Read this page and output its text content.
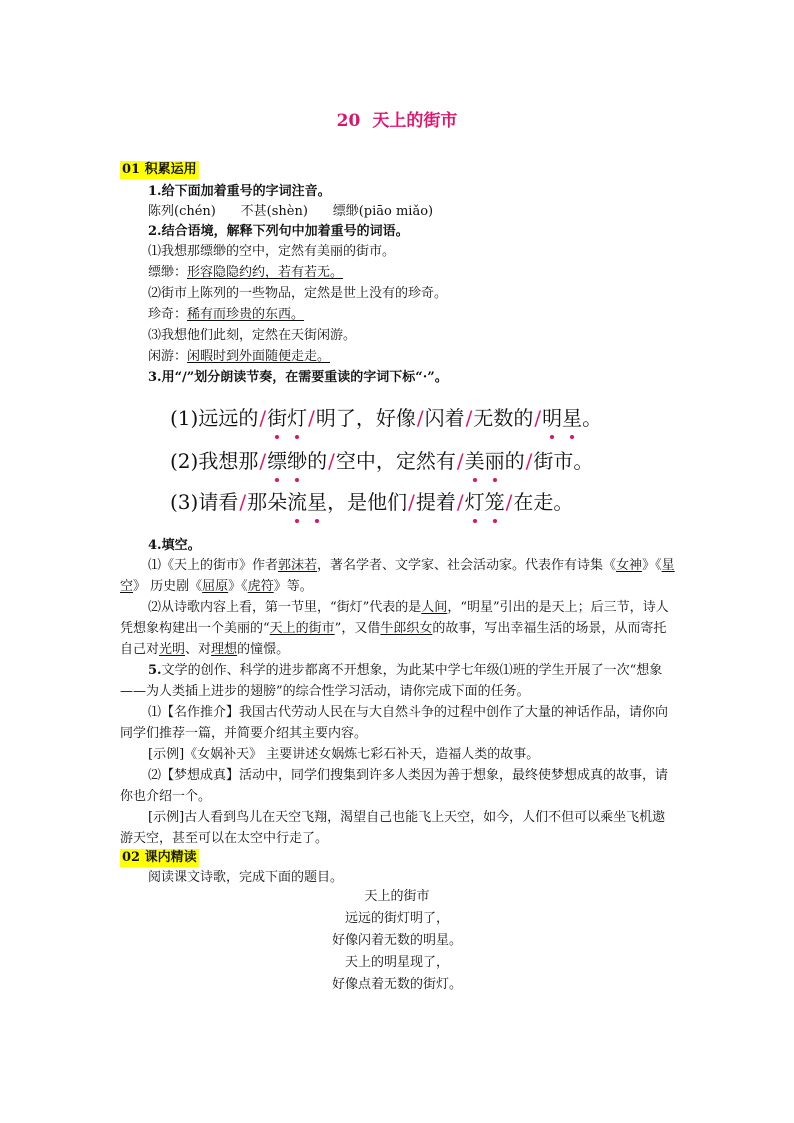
20 天上的街市
01 积累运用
1.给下面加着重号的字词注音。
陈列(chén)      不甚(shèn)      缥缈(piāo miǎo)
2.结合语境，解释下列句中加着重号的词语。
⑴我想那缥缈的空中，定然有美丽的街市。
缥缈：形容隐隐约约，若有若无。
⑵街市上陈列的一些物品，定然是世上没有的珍奇。
珍奇：稀有而珍贵的东西。
⑶我想他们此刻，定然在天街闲游。
闲游：闲暇时到外面随便走走。
3.用“/”划分朗读节奏，在需要重读的字词下标“·”。
(1)远远的/街灯/明了，好像/闪着/无数的/明星。
(2)我想那/缥缈的/空中，定然有/美丽的/街市。
(3)请看/那朵流星，是他们/提着/灯笼/在走。
4.填空。
⑴《天上的街市》作者郭沫若，著名学者、文学家、社会活动家。代表作有诗集《女神》《星空》 历史剧《屈原》《虎符》等。
⑵从诗歌内容上看，第一节里，“街灯”代表的是人间，“明星”引出的是天上；后三节，诗人凭想象构建出一个美丽的“天上的街市”，又借牛郎织女的故事，写出幸福生活的场景，从而寄托自己对光明、对理想的憧憬。
5.文学的创作、科学的进步都离不开想象，为此某中学七年级⑴班的学生开展了一次“想象——为人类插上进步的翅膀”的综合性学习活动，请你完成下面的任务。
⑴【名作推介】我国古代劳动人民在与大自然斗争的过程中创作了大量的神话作品，请你向同学们推荐一篇，并简要介绍其主要内容。
[示例]《女娲补天》 主要讲述女娲炼七彩石补天，造福人类的故事。
⑵【梦想成真】活动中，同学们搜集到许多人类因为善于想象，最终使梦想成真的故事，请你也介绍一个。
[示例]古人看到鸟儿在天空飞翔，渴望自己也能飞上天空，如今，人们不但可以乘坐飞机遨游天空，甚至可以在太空中行走了。
02 课内精读
阅读课文诗歌，完成下面的题目。
天上的街市
远远的街灯明了，
好像闪着无数的明星。
天上的明星现了，
好像点着无数的街灯。
